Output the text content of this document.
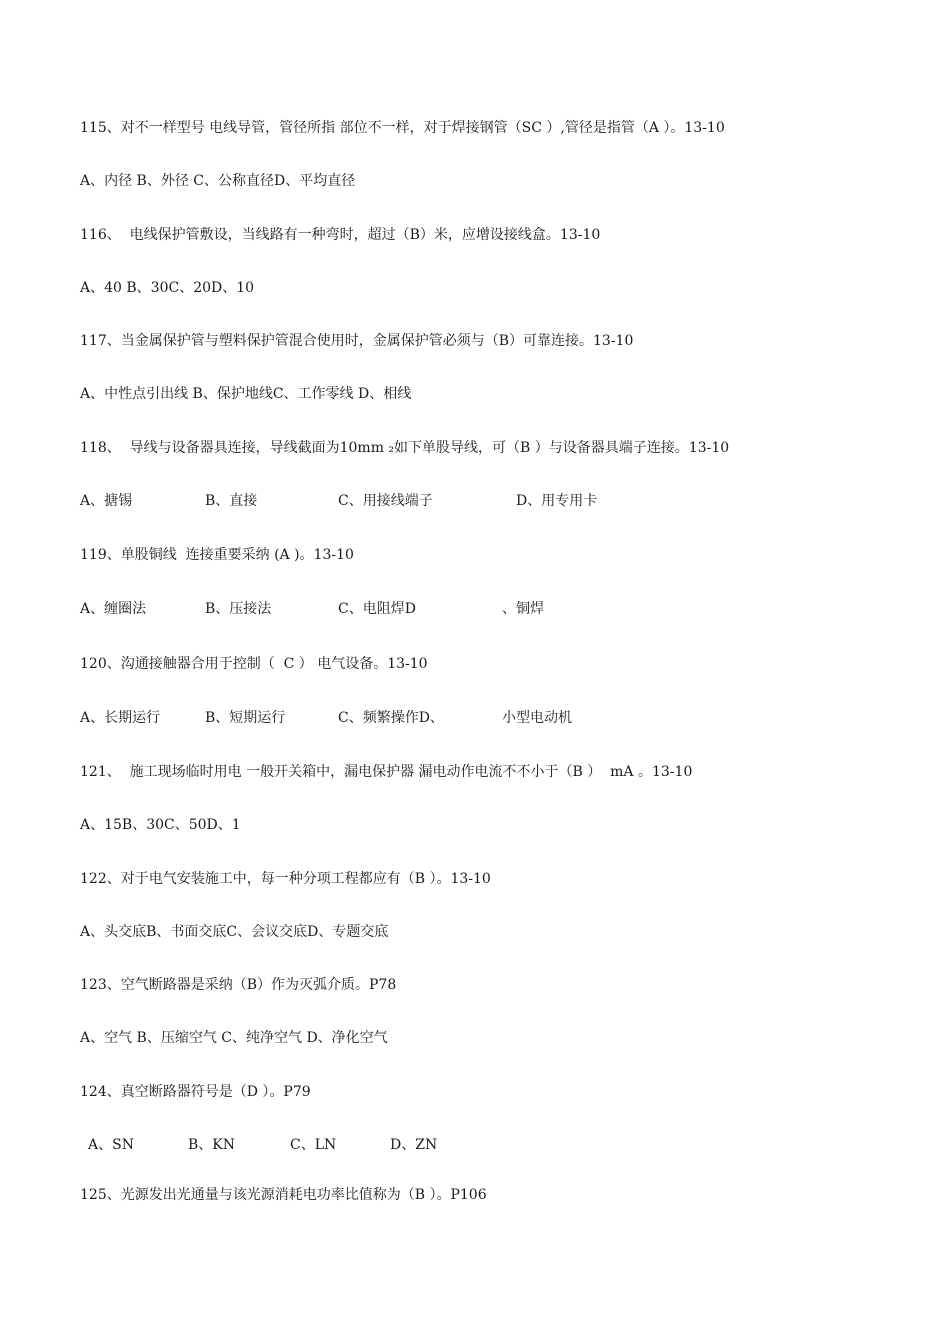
115、对不一样型号 电线导管，管径所指 部位不一样，对于焊接钢管（SC ）,管径是指管（A ）。13-10
A、内径 B、外径 C、公称直径D、平均直径
116、  电线保护管敷设，当线路有一种弯时，超过（B）米，应增设接线盒。13-10
A、40 B、30C、20D、10
117、当金属保护管与塑料保护管混合使用时，金属保护管必须与（B）可靠连接。13-10
A、中性点引出线 B、保护地线C、工作零线 D、相线
118、  导线与设备器具连接，导线截面为10mm ₂如下单股导线，可（B ）与设备器具端子连接。13-10
A、搪锡	B、直接	C、用接线端子	D、用专用卡
119、单股铜线  连接重要采纳 (A )。13-10
A、缠圈法	B、压接法	C、电阻焊D	、铜焊
120、沟通接触器合用于控制（  C ） 电气设备。13-10
A、长期运行	B、短期运行	C、频繁操作D、	小型电动机
121、  施工现场临时用电 一般开关箱中，漏电保护器 漏电动作电流不不小于（B ）  mA 。13-10
A、15B、30C、50D、1
122、对于电气安装施工中，每一种分项工程都应有（B ）。13-10
A、头交底B、书面交底C、会议交底D、专题交底
123、空气断路器是采纳（B）作为灭弧介质。P78
A、空气 B、压缩空气 C、纯净空气 D、净化空气
124、真空断路器符号是（D ）。P79
A、SN	B、KN	C、LN	D、ZN
125、光源发出光通量与该光源消耗电功率比值称为（B ）。P106
